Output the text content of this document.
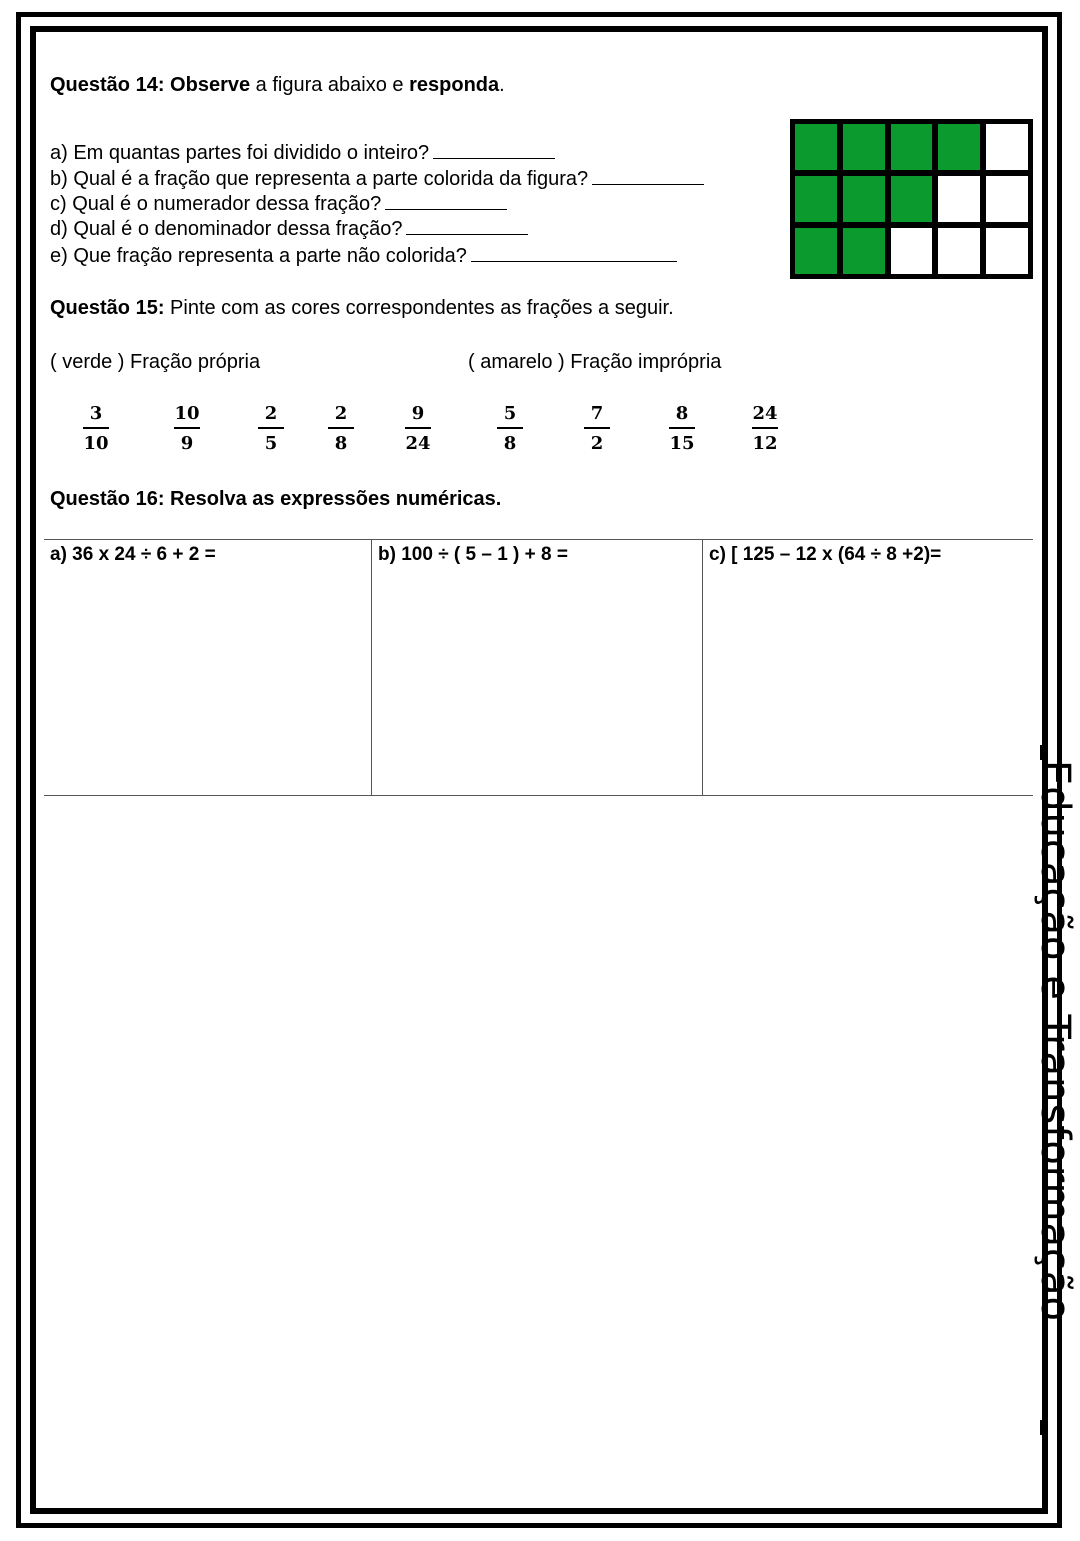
Questão 14: Observe a figura abaixo e responda.
a) Em quantas partes foi dividido o inteiro?
b) Qual é a fração que representa a parte colorida da figura?
c) Qual é o numerador dessa fração?
d) Qual é o denominador dessa fração?
e) Que fração representa a parte não colorida?
Questão 15: Pinte com as cores correspondentes as frações a seguir.
( verde ) Fração própria	( amarelo ) Fração imprópria
3
10
10
9
2
5
2
8
9
24
5
8
7
2
8
15
24
12
Questão 16: Resolva as expressões numéricas.
a) 36 x 24 ÷ 6 + 2 =	b) 100 ÷ ( 5 – 1 ) + 8 =	c) [ 125 – 12 x (64 ÷ 8 +2)=
Educação e Transformação
